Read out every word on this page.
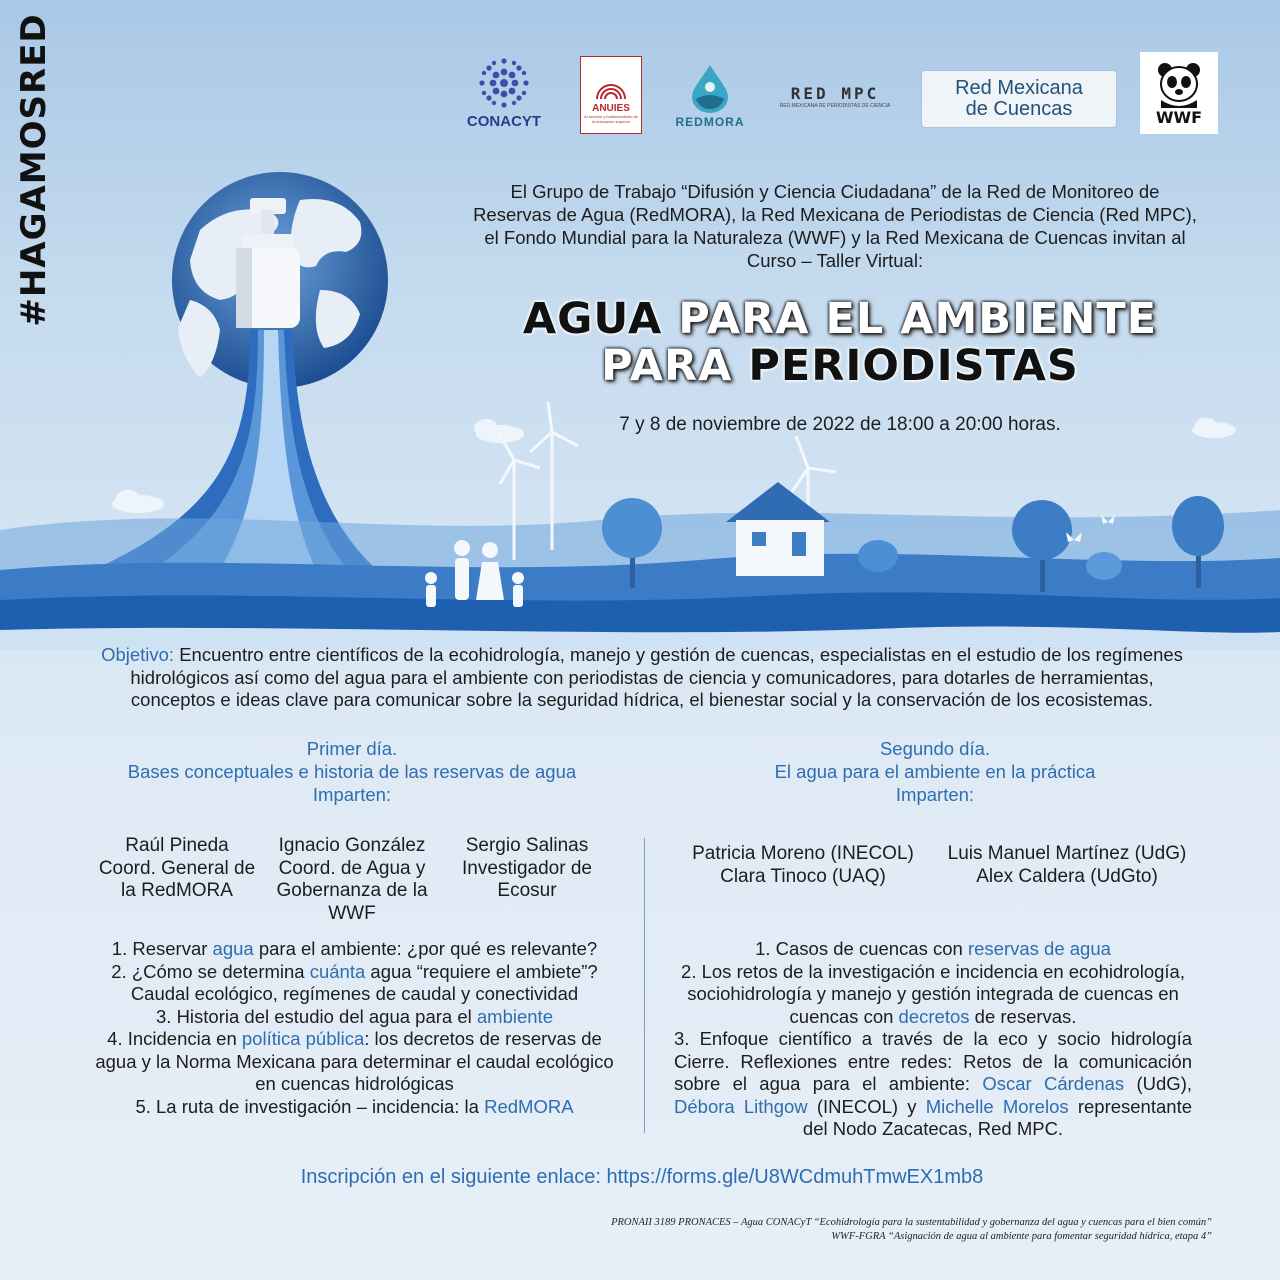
#HAGAMOSRED	CONACYT
ANUIES
Al servicio y fortalecimiento de la educación superior	REDMORA
RED MPC
RED MEXICANA DE PERIODISTAS DE CIENCIA
Red Mexicana
de Cuencas	WWF
El Grupo de Trabajo “Difusión y Ciencia Ciudadana” de la Red de Monitoreo de Reservas de Agua (RedMORA), la Red Mexicana de Periodistas de Ciencia (Red MPC), el Fondo Mundial para la Naturaleza (WWF) y la Red Mexicana de Cuencas invitan al Curso – Taller Virtual:
AGUA PARA EL AMBIENTE
PARA PERIODISTAS
7 y 8 de noviembre de 2022 de 18:00 a 20:00 horas.
Objetivo: Encuentro entre científicos de la ecohidrología, manejo y gestión de cuencas, especialistas en el estudio de los regímenes hidrológicos así como del agua para el ambiente con periodistas de ciencia y comunicadores, para dotarles de herramientas, conceptos e ideas clave para comunicar sobre la seguridad hídrica, el bienestar social y la conservación de los ecosistemas.
Primer día.
Bases conceptuales e historia de las reservas de agua
Imparten:
Segundo día.
El agua para el ambiente en la práctica
Imparten:
Raúl Pineda
Coord. General de la RedMORA
Ignacio González
Coord. de Agua y Gobernanza de la WWF
Sergio Salinas
Investigador de Ecosur
Patricia Moreno (INECOL)
Clara Tinoco (UAQ)
Luis Manuel Martínez (UdG)
Alex Caldera (UdGto)
1. Reservar agua para el ambiente: ¿por qué es relevante?
2. ¿Cómo se determina cuánta agua “requiere el ambiete”? Caudal ecológico, regímenes de caudal y conectividad
3. Historia del estudio del agua para el ambiente
4. Incidencia en política pública: los decretos de reservas de agua y la Norma Mexicana para determinar el caudal ecológico en cuencas hidrológicas
5. La ruta de investigación – incidencia: la RedMORA
1. Casos de cuencas con reservas de agua
2. Los retos de la investigación e incidencia en ecohidrología, sociohidrología y manejo y gestión integrada de cuencas en cuencas con decretos de reservas.
3. Enfoque científico a través de la eco y socio hidrología Cierre. Reflexiones entre redes: Retos de la comunicación sobre el agua para el ambiente: Oscar Cárdenas (UdG), Débora Lithgow (INECOL) y Michelle Morelos representante del Nodo Zacatecas, Red MPC.
Inscripción en el siguiente enlace: https://forms.gle/U8WCdmuhTmwEX1mb8
PRONAII 3189 PRONACES – Agua CONACyT “Ecohidrología para la sustentabilidad y gobernanza del agua y cuencas para el bien común”
WWF-FGRA “Asignación de agua al ambiente para fomentar seguridad hídrica, etapa 4”
